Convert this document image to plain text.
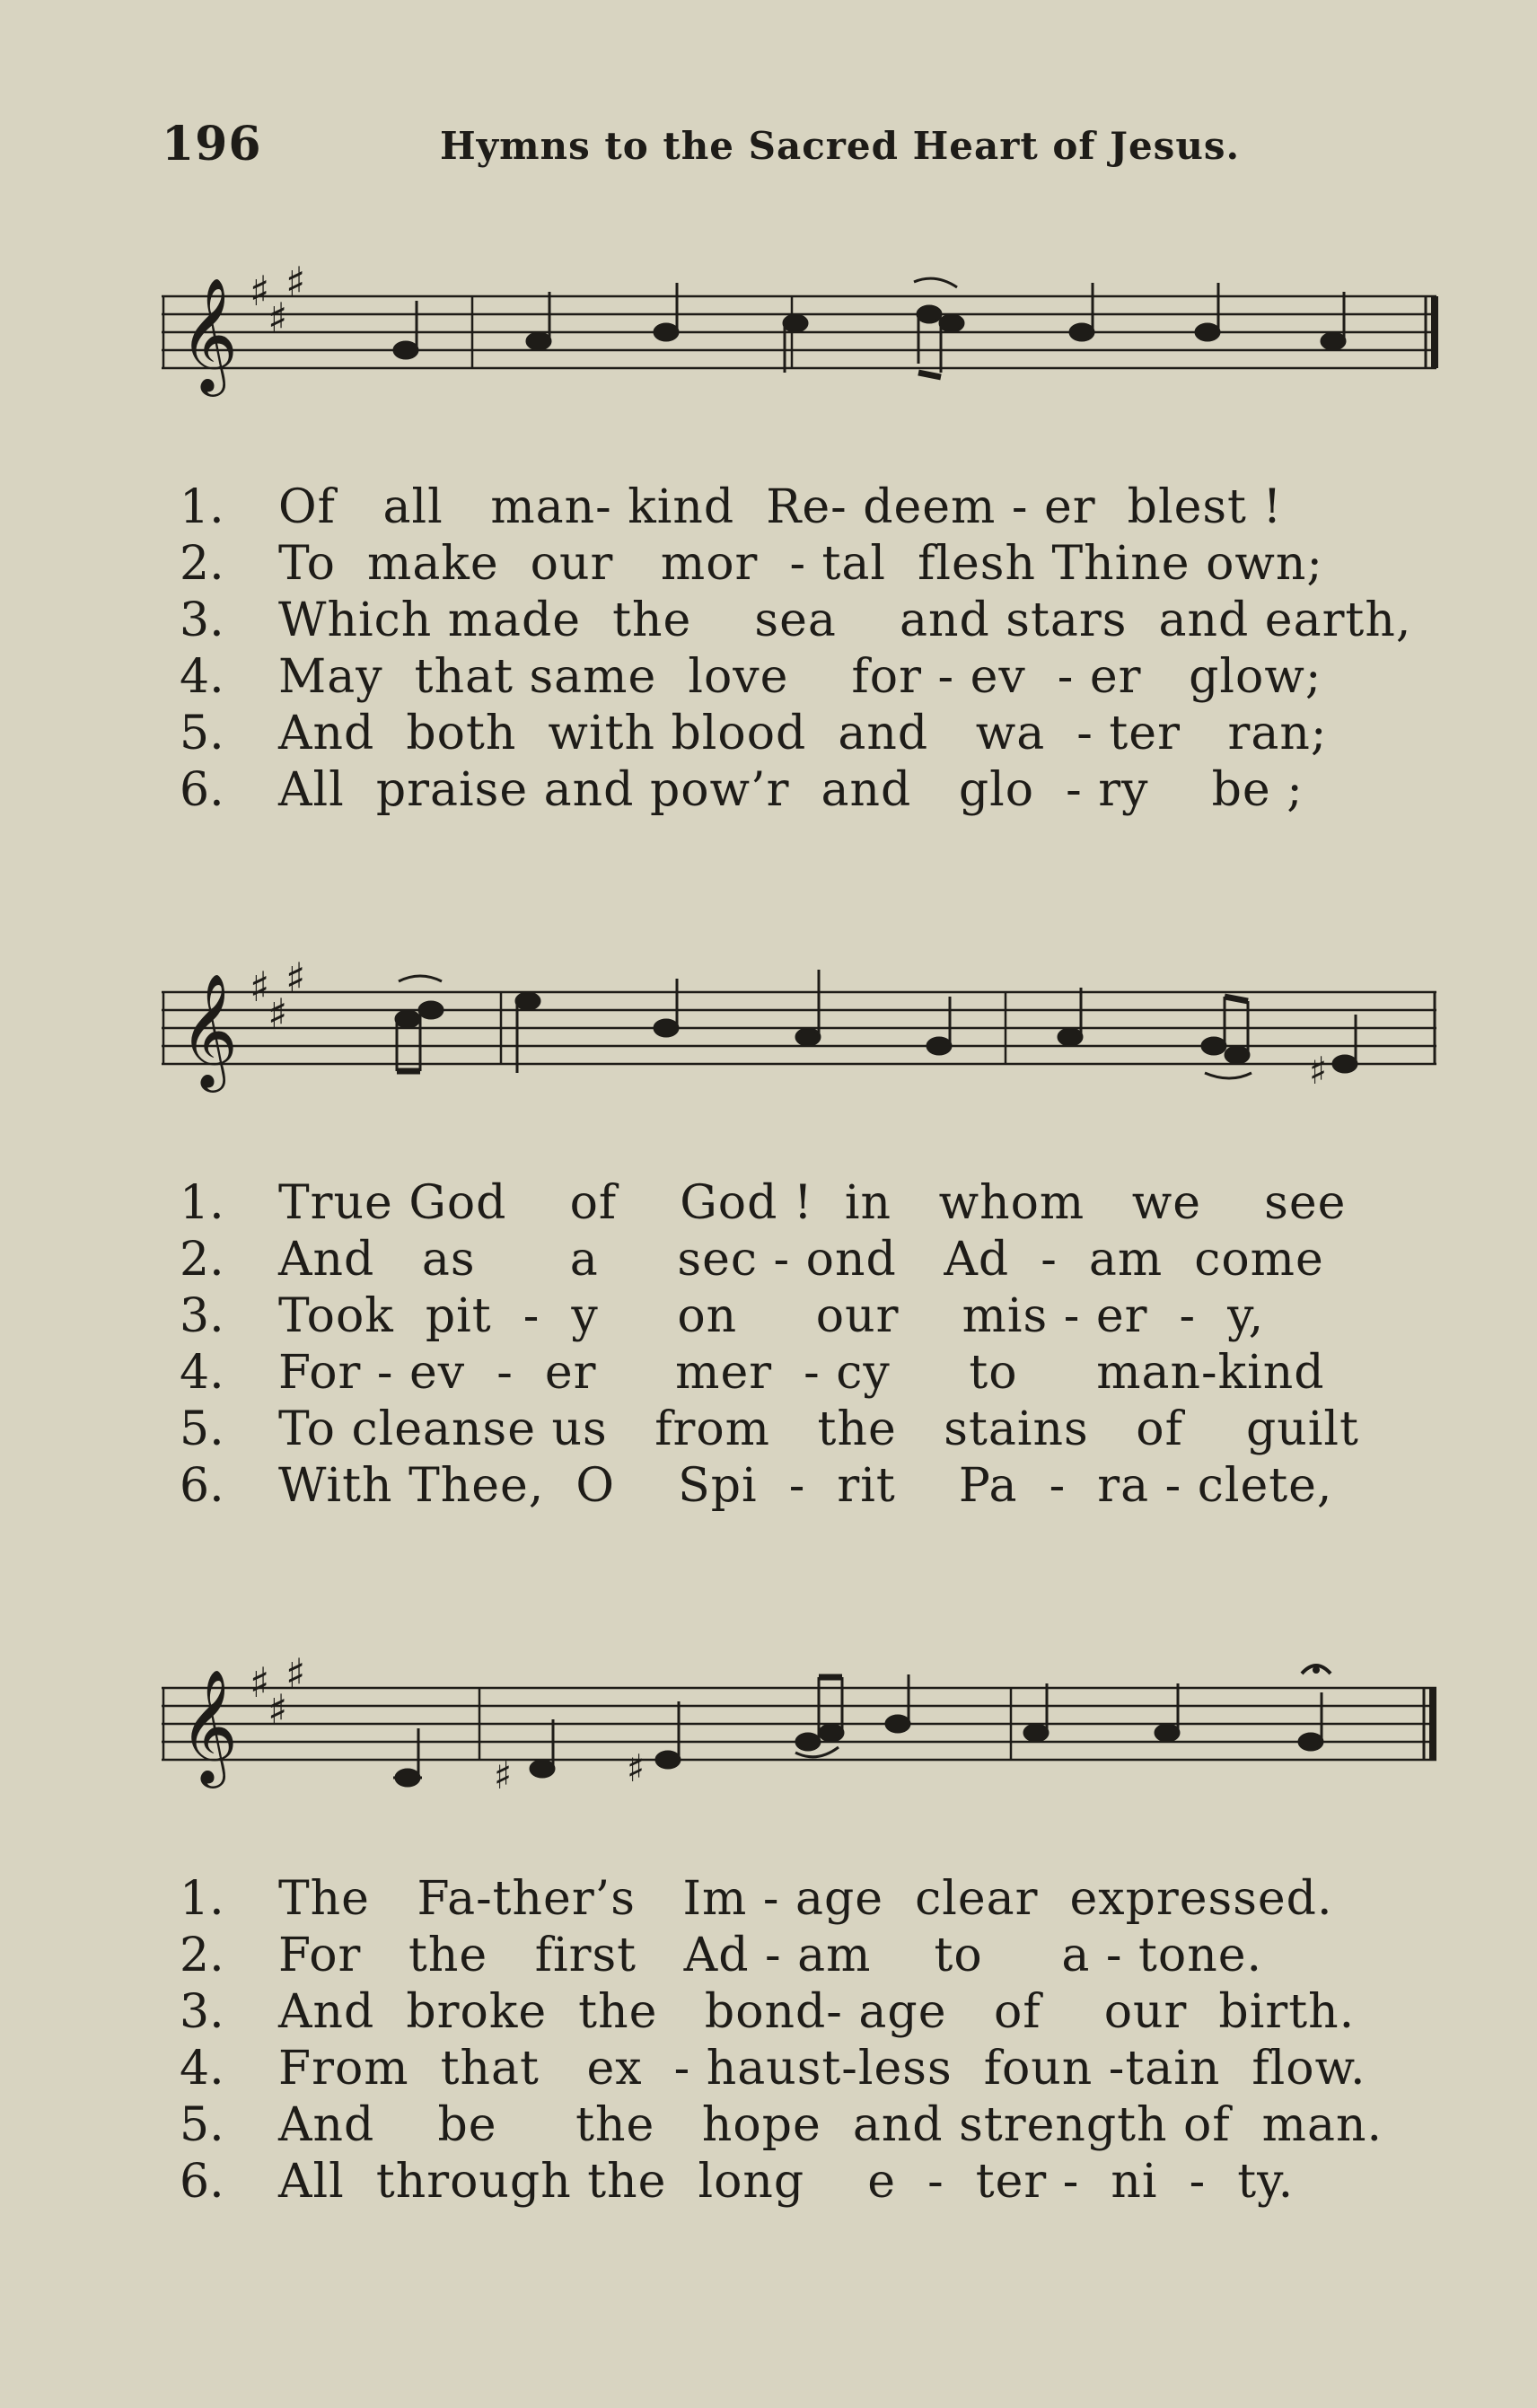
196	Hymns to the Sacred Heart of Jesus.
𝄞 ♯
♯
♯
1.	Of   all   man- kind  Re- deem - er  blest !
2.	To  make  our   mor  - tal  flesh Thine own;
3.	Which made  the    sea    and stars  and earth,
4.	May  that same  love    for - ev  - er   glow;
5.	And  both  with blood  and   wa  - ter   ran;
6.	All  praise and pow’r  and   glo  - ry    be ;
𝄞 ♯
♯
♯
♯
1.	True God    of    God !  in   whom   we    see
2.	And   as      a     sec - ond   Ad  -  am  come
3.	Took  pit  -  y     on     our    mis - er  -  y,
4.	For - ev  -  er     mer  - cy     to     man-kind
5.	To cleanse us   from   the   stains   of    guilt
6.	With Thee,  O    Spi  -  rit    Pa  -  ra - clete,
𝄞 ♯
♯
♯
♯	♯
1.	The   Fa-ther’s   Im - age  clear  expressed.
2.	For   the   first   Ad - am    to     a - tone.
3.	And  broke  the   bond- age   of    our  birth.
4.	From  that   ex  - haust-less  foun -tain  flow.
5.	And    be     the   hope  and strength of  man.
6.	All  through the  long    e  -  ter -  ni  -  ty.
